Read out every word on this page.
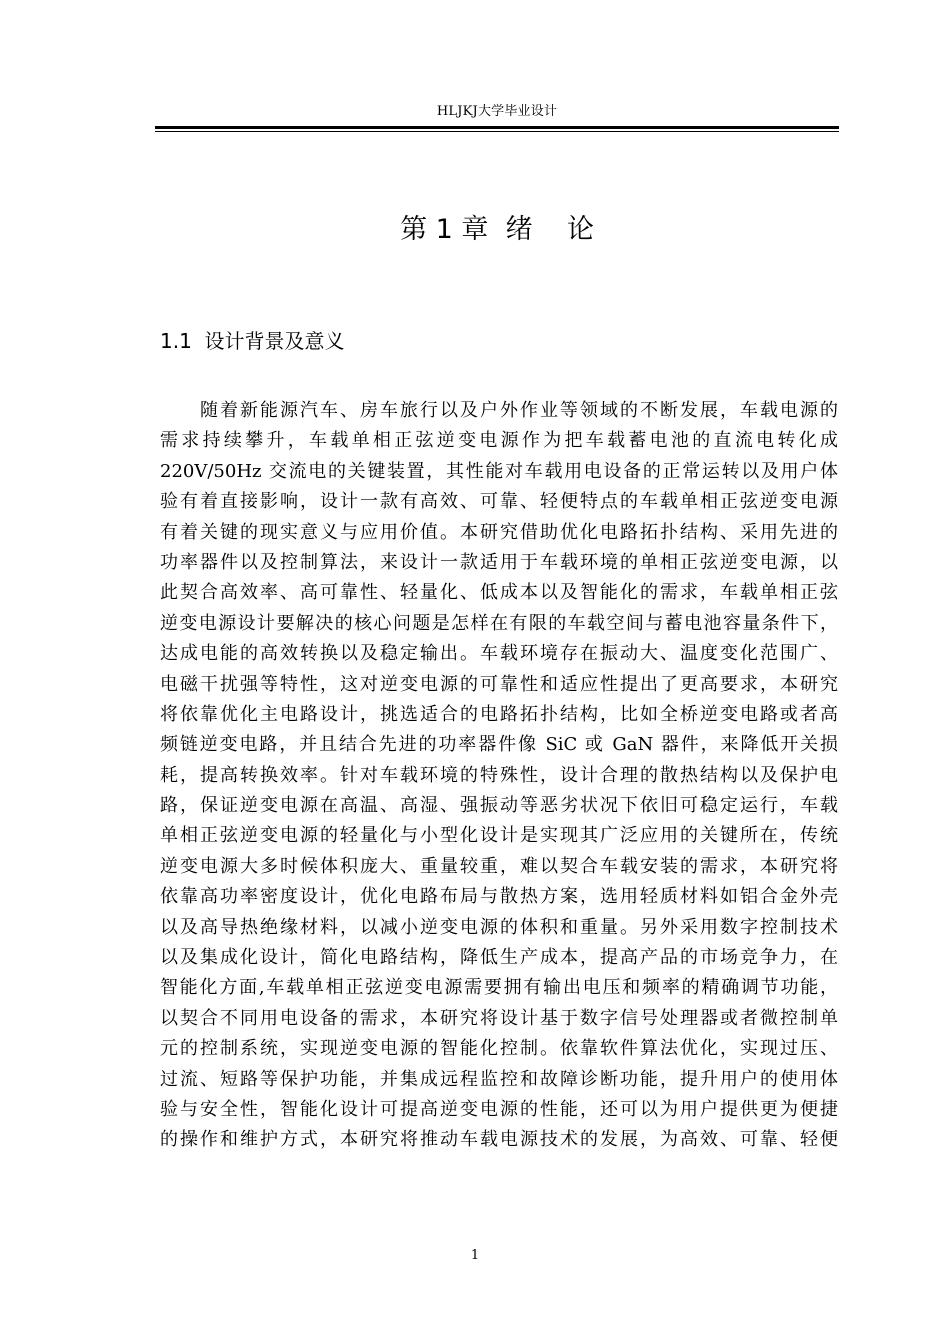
HLJKJ大学毕业设计
第 1 章  绪    论
1.1  设计背景及意义
随着新能源汽车、房车旅行以及户外作业等领域的不断发展，车载电源的
需求持续攀升，车载单相正弦逆变电源作为把车载蓄电池的直流电转化成
220V/50Hz 交流电的关键装置，其性能对车载用电设备的正常运转以及用户体
验有着直接影响，设计一款有高效、可靠、轻便特点的车载单相正弦逆变电源
有着关键的现实意义与应用价值。本研究借助优化电路拓扑结构、采用先进的
功率器件以及控制算法，来设计一款适用于车载环境的单相正弦逆变电源，以
此契合高效率、高可靠性、轻量化、低成本以及智能化的需求，车载单相正弦
逆变电源设计要解决的核心问题是怎样在有限的车载空间与蓄电池容量条件下，
达成电能的高效转换以及稳定输出。车载环境存在振动大、温度变化范围广、
电磁干扰强等特性，这对逆变电源的可靠性和适应性提出了更高要求，本研究
将依靠优化主电路设计，挑选适合的电路拓扑结构，比如全桥逆变电路或者高
频链逆变电路，并且结合先进的功率器件像 SiC 或 GaN 器件，来降低开关损
耗，提高转换效率。针对车载环境的特殊性，设计合理的散热结构以及保护电
路，保证逆变电源在高温、高湿、强振动等恶劣状况下依旧可稳定运行，车载
单相正弦逆变电源的轻量化与小型化设计是实现其广泛应用的关键所在，传统
逆变电源大多时候体积庞大、重量较重，难以契合车载安装的需求，本研究将
依靠高功率密度设计，优化电路布局与散热方案，选用轻质材料如铝合金外壳
以及高导热绝缘材料，以减小逆变电源的体积和重量。另外采用数字控制技术
以及集成化设计，简化电路结构，降低生产成本，提高产品的市场竞争力，在
智能化方面,车载单相正弦逆变电源需要拥有输出电压和频率的精确调节功能，
以契合不同用电设备的需求，本研究将设计基于数字信号处理器或者微控制单
元的控制系统，实现逆变电源的智能化控制。依靠软件算法优化，实现过压、
过流、短路等保护功能，并集成远程监控和故障诊断功能，提升用户的使用体
验与安全性，智能化设计可提高逆变电源的性能，还可以为用户提供更为便捷
的操作和维护方式，本研究将推动车载电源技术的发展，为高效、可靠、轻便
1
